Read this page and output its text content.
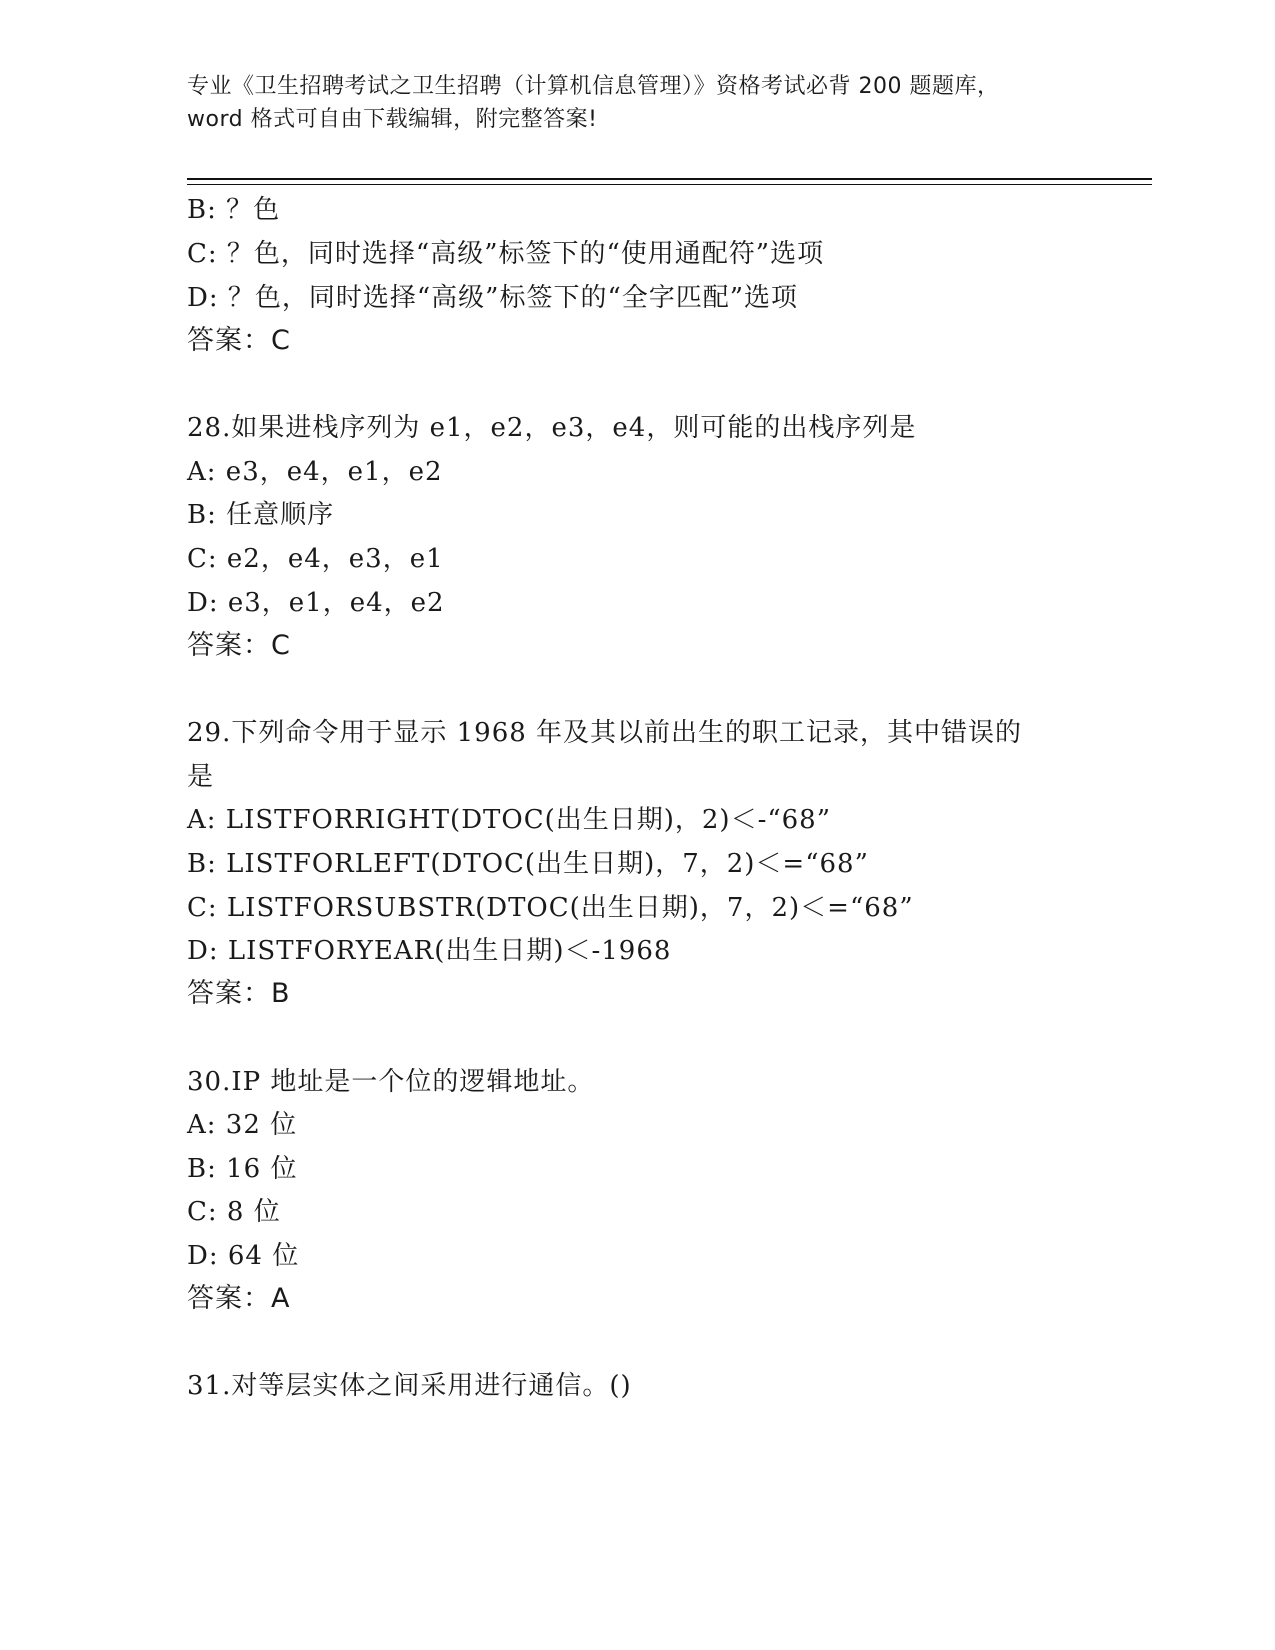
专业《卫生招聘考试之卫生招聘（计算机信息管理）》资格考试必背 200 题题库，
word 格式可自由下载编辑，附完整答案!
B: ？色
C: ？色，同时选择“高级”标签下的“使用通配符”选项
D: ？色，同时选择“高级”标签下的“全字匹配”选项
答案：C
28.如果进栈序列为 e1，e2，e3，e4，则可能的出栈序列是
A: e3，e4，e1，e2
B: 任意顺序
C: e2，e4，e3，e1
D: e3，e1，e4，e2
答案：C
29.下列命令用于显示 1968 年及其以前出生的职工记录，其中错误的
是
A: LISTFORRIGHT(DTOC(出生日期)，2)＜-“68”
B: LISTFORLEFT(DTOC(出生日期)，7，2)＜=“68”
C: LISTFORSUBSTR(DTOC(出生日期)，7，2)＜=“68”
D: LISTFORYEAR(出生日期)＜-1968
答案：B
30.IP 地址是一个位的逻辑地址。
A: 32 位
B: 16 位
C: 8 位
D: 64 位
答案：A
31.对等层实体之间采用进行通信。()
